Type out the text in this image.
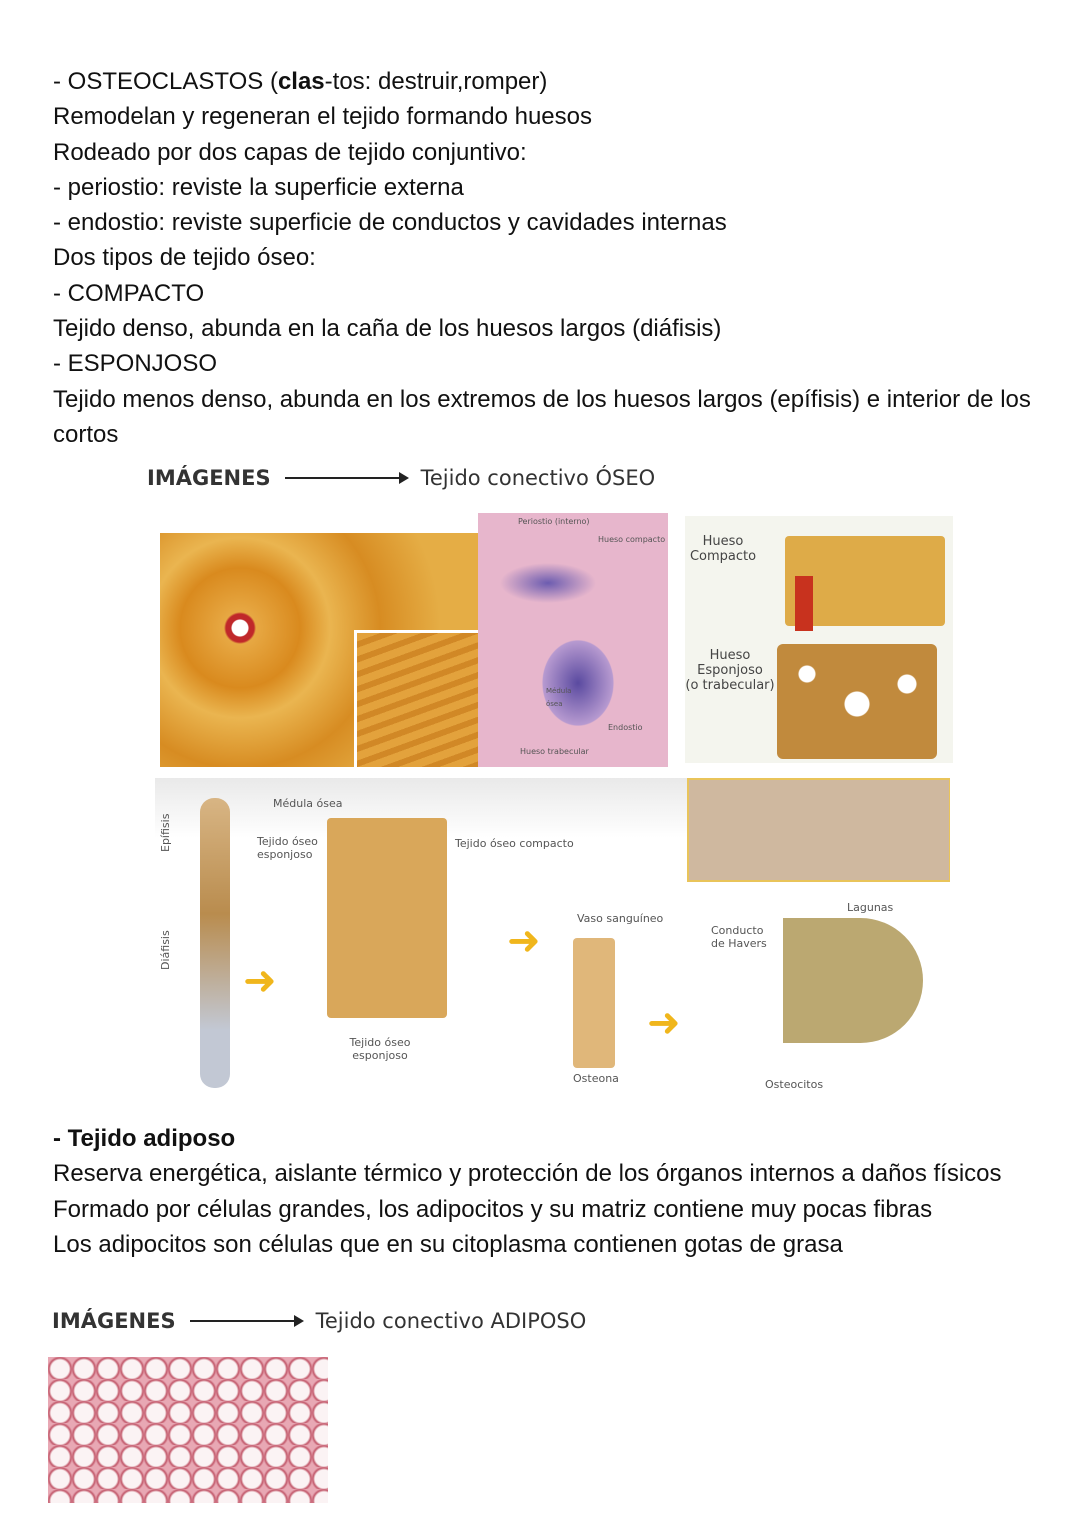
- OSTEOCLASTOS (clas-tos: destruir,romper)

Remodelan y regeneran el tejido formando huesos

Rodeado por dos capas de tejido conjuntivo:

- periostio: reviste la superficie externa

- endostio: reviste superficie de conductos y cavidades internas

Dos tipos de tejido óseo:

- COMPACTO

Tejido denso, abunda en la caña de los huesos largos (diáfisis)

- ESPONJOSO

Tejido menos denso, abunda en los extremos de los huesos largos (epífisis) e interior de los cortos

IMÁGENES	Tejido conectivo ÓSEO
Periostio (interno)
Hueso compacto
Médula ósea
Endostio
Hueso trabecular
Hueso Compacto
Hueso Esponjoso
(o trabecular)
Epífisis
Diáfisis
Médula ósea
Tejido óseo esponjoso
Tejido óseo compacto
Tejido óseo esponjoso
Vaso sanguíneo
Osteona
Lagunas
Conducto de Havers
Osteocitos
➜
➜
➜

- Tejido adiposo

Reserva energética, aislante térmico y protección de los órganos internos a daños físicos

Formado por células grandes, los adipocitos y su matriz contiene muy pocas fibras

Los adipocitos son células que en su citoplasma contienen gotas de grasa

IMÁGENES	Tejido conectivo ADIPOSO
